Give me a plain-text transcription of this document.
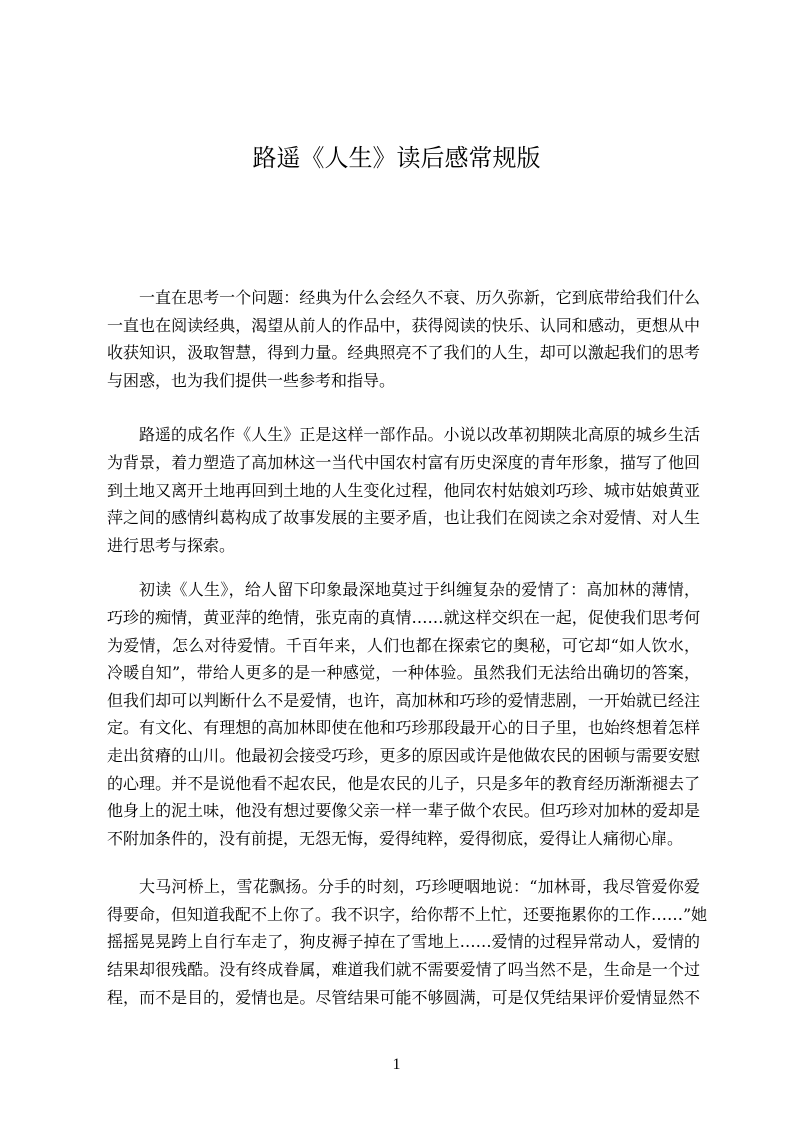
路遥《人生》读后感常规版
一直在思考一个问题：经典为什么会经久不衰、历久弥新，它到底带给我们什么
一直也在阅读经典，渴望从前人的作品中，获得阅读的快乐、认同和感动，更想从中
收获知识，汲取智慧，得到力量。经典照亮不了我们的人生，却可以激起我们的思考
与困惑，也为我们提供一些参考和指导。
路遥的成名作《人生》正是这样一部作品。小说以改革初期陕北高原的城乡生活
为背景，着力塑造了高加林这一当代中国农村富有历史深度的青年形象，描写了他回
到土地又离开土地再回到土地的人生变化过程，他同农村姑娘刘巧珍、城市姑娘黄亚
萍之间的感情纠葛构成了故事发展的主要矛盾，也让我们在阅读之余对爱情、对人生
进行思考与探索。
初读《人生》，给人留下印象最深地莫过于纠缠复杂的爱情了：高加林的薄情，
巧珍的痴情，黄亚萍的绝情，张克南的真情……就这样交织在一起，促使我们思考何
为爱情，怎么对待爱情。千百年来，人们也都在探索它的奥秘，可它却“如人饮水，
冷暖自知”，带给人更多的是一种感觉，一种体验。虽然我们无法给出确切的答案，
但我们却可以判断什么不是爱情，也许，高加林和巧珍的爱情悲剧，一开始就已经注
定。有文化、有理想的高加林即使在他和巧珍那段最开心的日子里，也始终想着怎样
走出贫瘠的山川。他最初会接受巧珍，更多的原因或许是他做农民的困顿与需要安慰
的心理。并不是说他看不起农民，他是农民的儿子，只是多年的教育经历渐渐褪去了
他身上的泥土味，他没有想过要像父亲一样一辈子做个农民。但巧珍对加林的爱却是
不附加条件的，没有前提，无怨无悔，爱得纯粹，爱得彻底，爱得让人痛彻心扉。
大马河桥上，雪花飘扬。分手的时刻，巧珍哽咽地说：“加林哥，我尽管爱你爱
得要命，但知道我配不上你了。我不识字，给你帮不上忙，还要拖累你的工作……”她
摇摇晃晃跨上自行车走了，狗皮褥子掉在了雪地上……爱情的过程异常动人，爱情的
结果却很残酷。没有终成眷属，难道我们就不需要爱情了吗当然不是，生命是一个过
程，而不是目的，爱情也是。尽管结果可能不够圆满，可是仅凭结果评价爱情显然不
1
